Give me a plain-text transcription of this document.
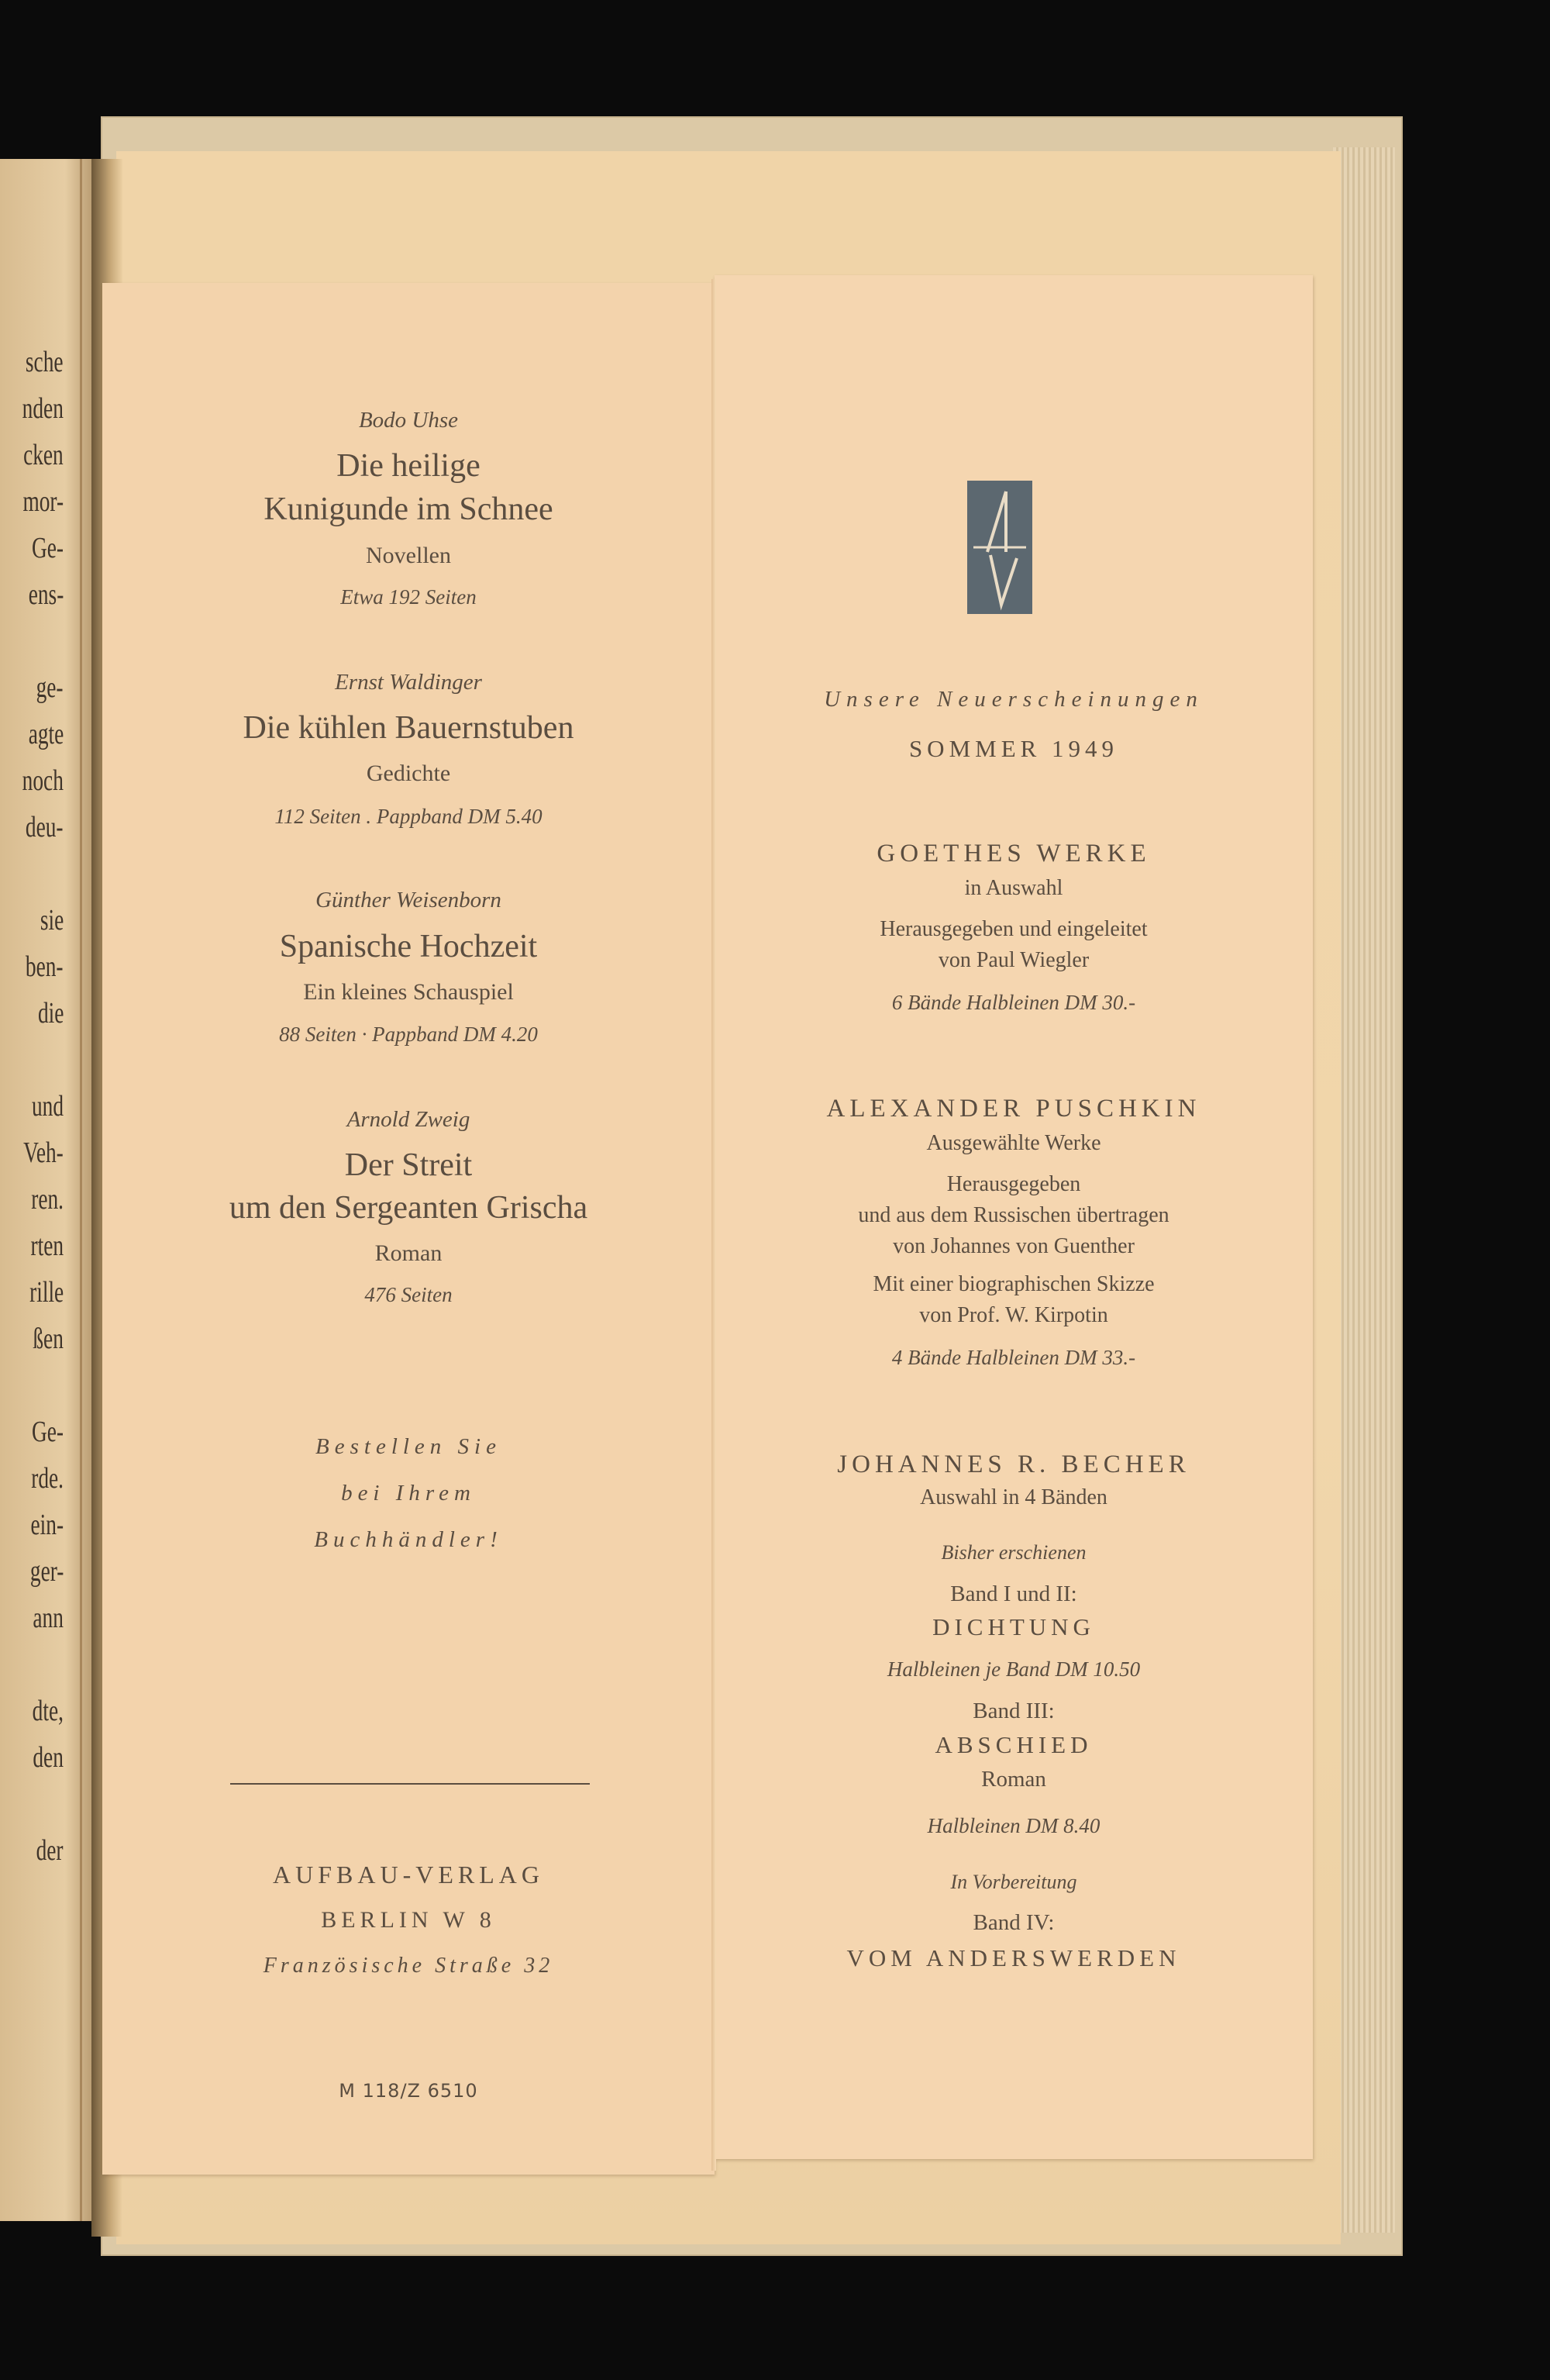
sche
nden
cken
mor-
Ge-
ens-
ge-
agte
noch
deu-
sie
ben-
die
und
Veh-
ren.
rten
rille
ßen
Ge-
rde.
ein-
ger-
ann
dte,
den
der
Bodo Uhse
Die heilige
Kunigunde im Schnee
Novellen
Etwa 192 Seiten
Ernst Waldinger
Die kühlen Bauernstuben
Gedichte
112 Seiten . Pappband DM 5.40
Günther Weisenborn
Spanische Hochzeit
Ein kleines Schauspiel
88 Seiten · Pappband DM 4.20
Arnold Zweig
Der Streit
um den Sergeanten Grischa
Roman
476 Seiten
Bestellen Sie
bei Ihrem
Buchhändler!
AUFBAU-VERLAG
BERLIN W 8
Französische Straße 32
M 118/Z 6510
Unsere Neuerscheinungen
SOMMER 1949
GOETHES WERKE
in Auswahl
Herausgegeben und eingeleitet
von Paul Wiegler
6 Bände Halbleinen DM 30.-
ALEXANDER PUSCHKIN
Ausgewählte Werke
Herausgegeben
und aus dem Russischen übertragen
von Johannes von Guenther
Mit einer biographischen Skizze
von Prof. W. Kirpotin
4 Bände Halbleinen DM 33.-
JOHANNES R. BECHER
Auswahl in 4 Bänden
Bisher erschienen
Band I und II:
DICHTUNG
Halbleinen je Band DM 10.50
Band III:
ABSCHIED
Roman
Halbleinen DM 8.40
In Vorbereitung
Band IV:
VOM ANDERSWERDEN
